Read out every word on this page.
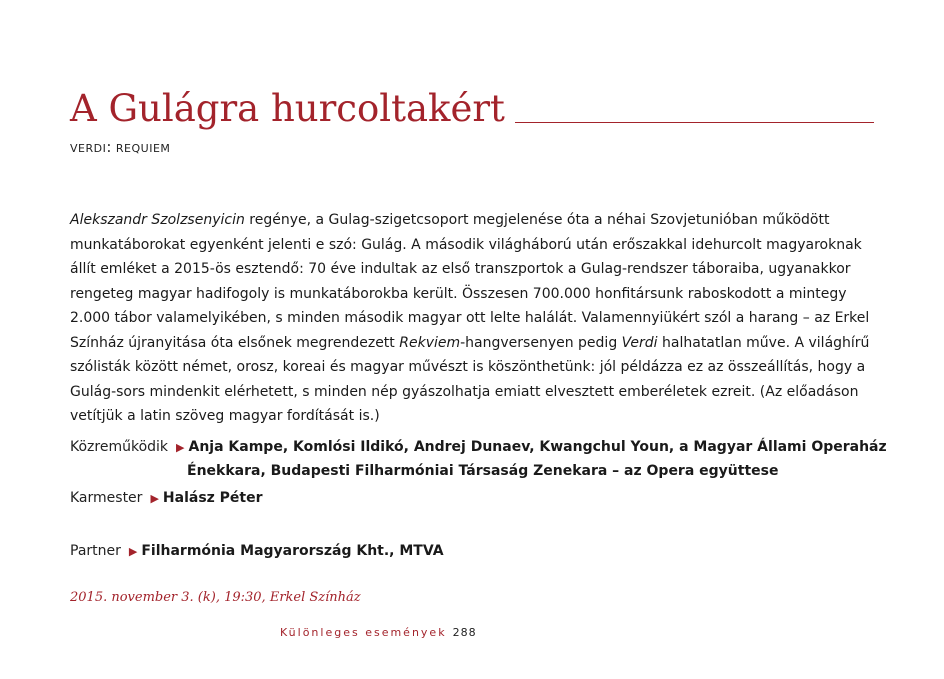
A Gulágra hurcoltakért
VERDI: REQUIEM
Alekszandr Szolzsenyicin regénye, a Gulag-szigetcsoport megjelenése óta a néhai Szovjetunióban működött munkatáborokat egyenként jelenti e szó: Gulág. A második világháború után erőszakkal idehurcolt magyaroknak állít emléket a 2015-ös esztendő: 70 éve indultak az első transzportok a Gulag-rendszer táboraiba, ugyanakkor rengeteg magyar hadifogoly is munkatáborokba került. Összesen 700.000 honfitársunk raboskodott a mintegy 2.000 tábor valamelyikében, s minden második magyar ott lelte halálát. Valamennyiükért szól a harang – az Erkel Színház újranyitása óta elsőnek megrendezett Rekviem-hangversenyen pedig Verdi halhatatlan műve. A világhírű szólisták között német, orosz, koreai és magyar művészt is köszönthetünk: jól példázza ez az összeállítás, hogy a Gulág-sors mindenkit elérhetett, s minden nép gyászolhatja emiatt elvesztett emberéletek ezreit. (Az előadáson vetítjük a latin szöveg magyar fordítását is.)
Közreműködik ▶ Anja Kampe, Komlósi Ildikó, Andrej Dunaev, Kwangchul Youn, a Magyar Állami Operaház
Énekkara, Budapesti Filharmóniai Társaság Zenekara – az Opera együttese
Karmester ▶ Halász Péter
Partner ▶ Filharmónia Magyarország Kht., MTVA
2015. november 3. (k), 19:30, Erkel Színház
Különleges események 288
